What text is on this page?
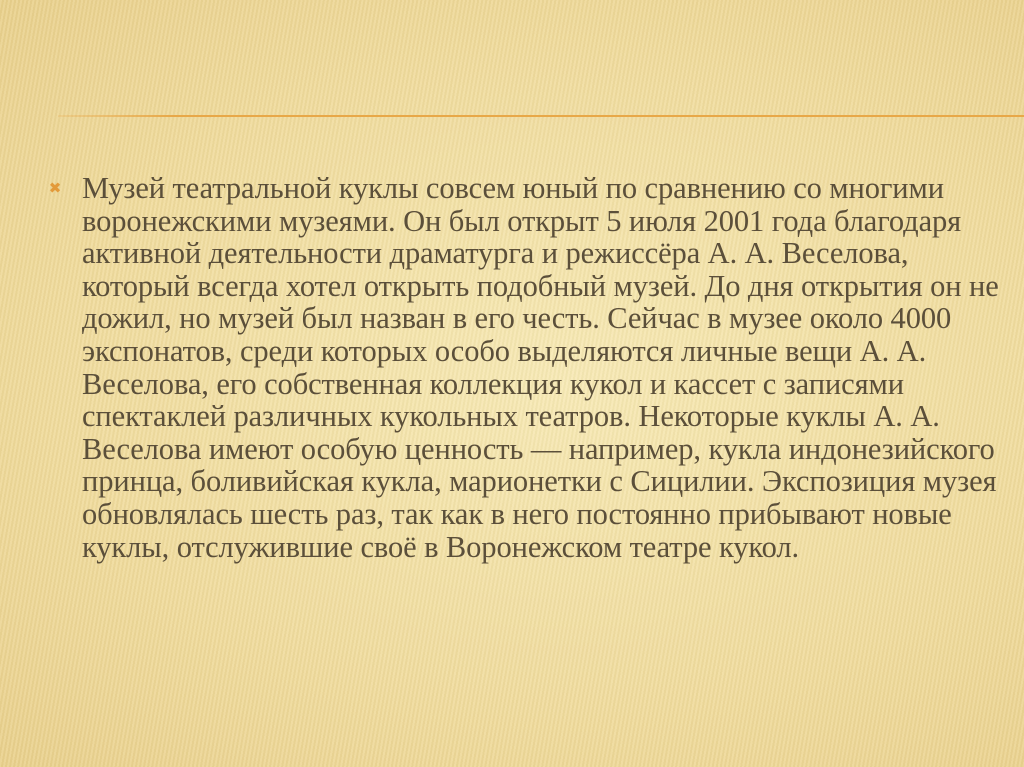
✖ Музей театральной куклы совсем юный по сравнению со многими воронежскими музеями. Он был открыт 5 июля 2001 года благодаря активной деятельности драматурга и режиссёра А. А. Веселова, который всегда хотел открыть подобный музей. До дня открытия он не дожил, но музей был назван в его честь. Сейчас в музее около 4000 экспонатов, среди которых особо выделяются личные вещи А. А. Веселова, его собственная коллекция кукол и кассет с записями спектаклей различных кукольных театров. Некоторые куклы А. А. Веселова имеют особую ценность — например, кукла индонезийского принца, боливийская кукла, марионетки с Сицилии. Экспозиция музея обновлялась шесть раз, так как в него постоянно прибывают новые куклы, отслужившие своё в Воронежском театре кукол.
